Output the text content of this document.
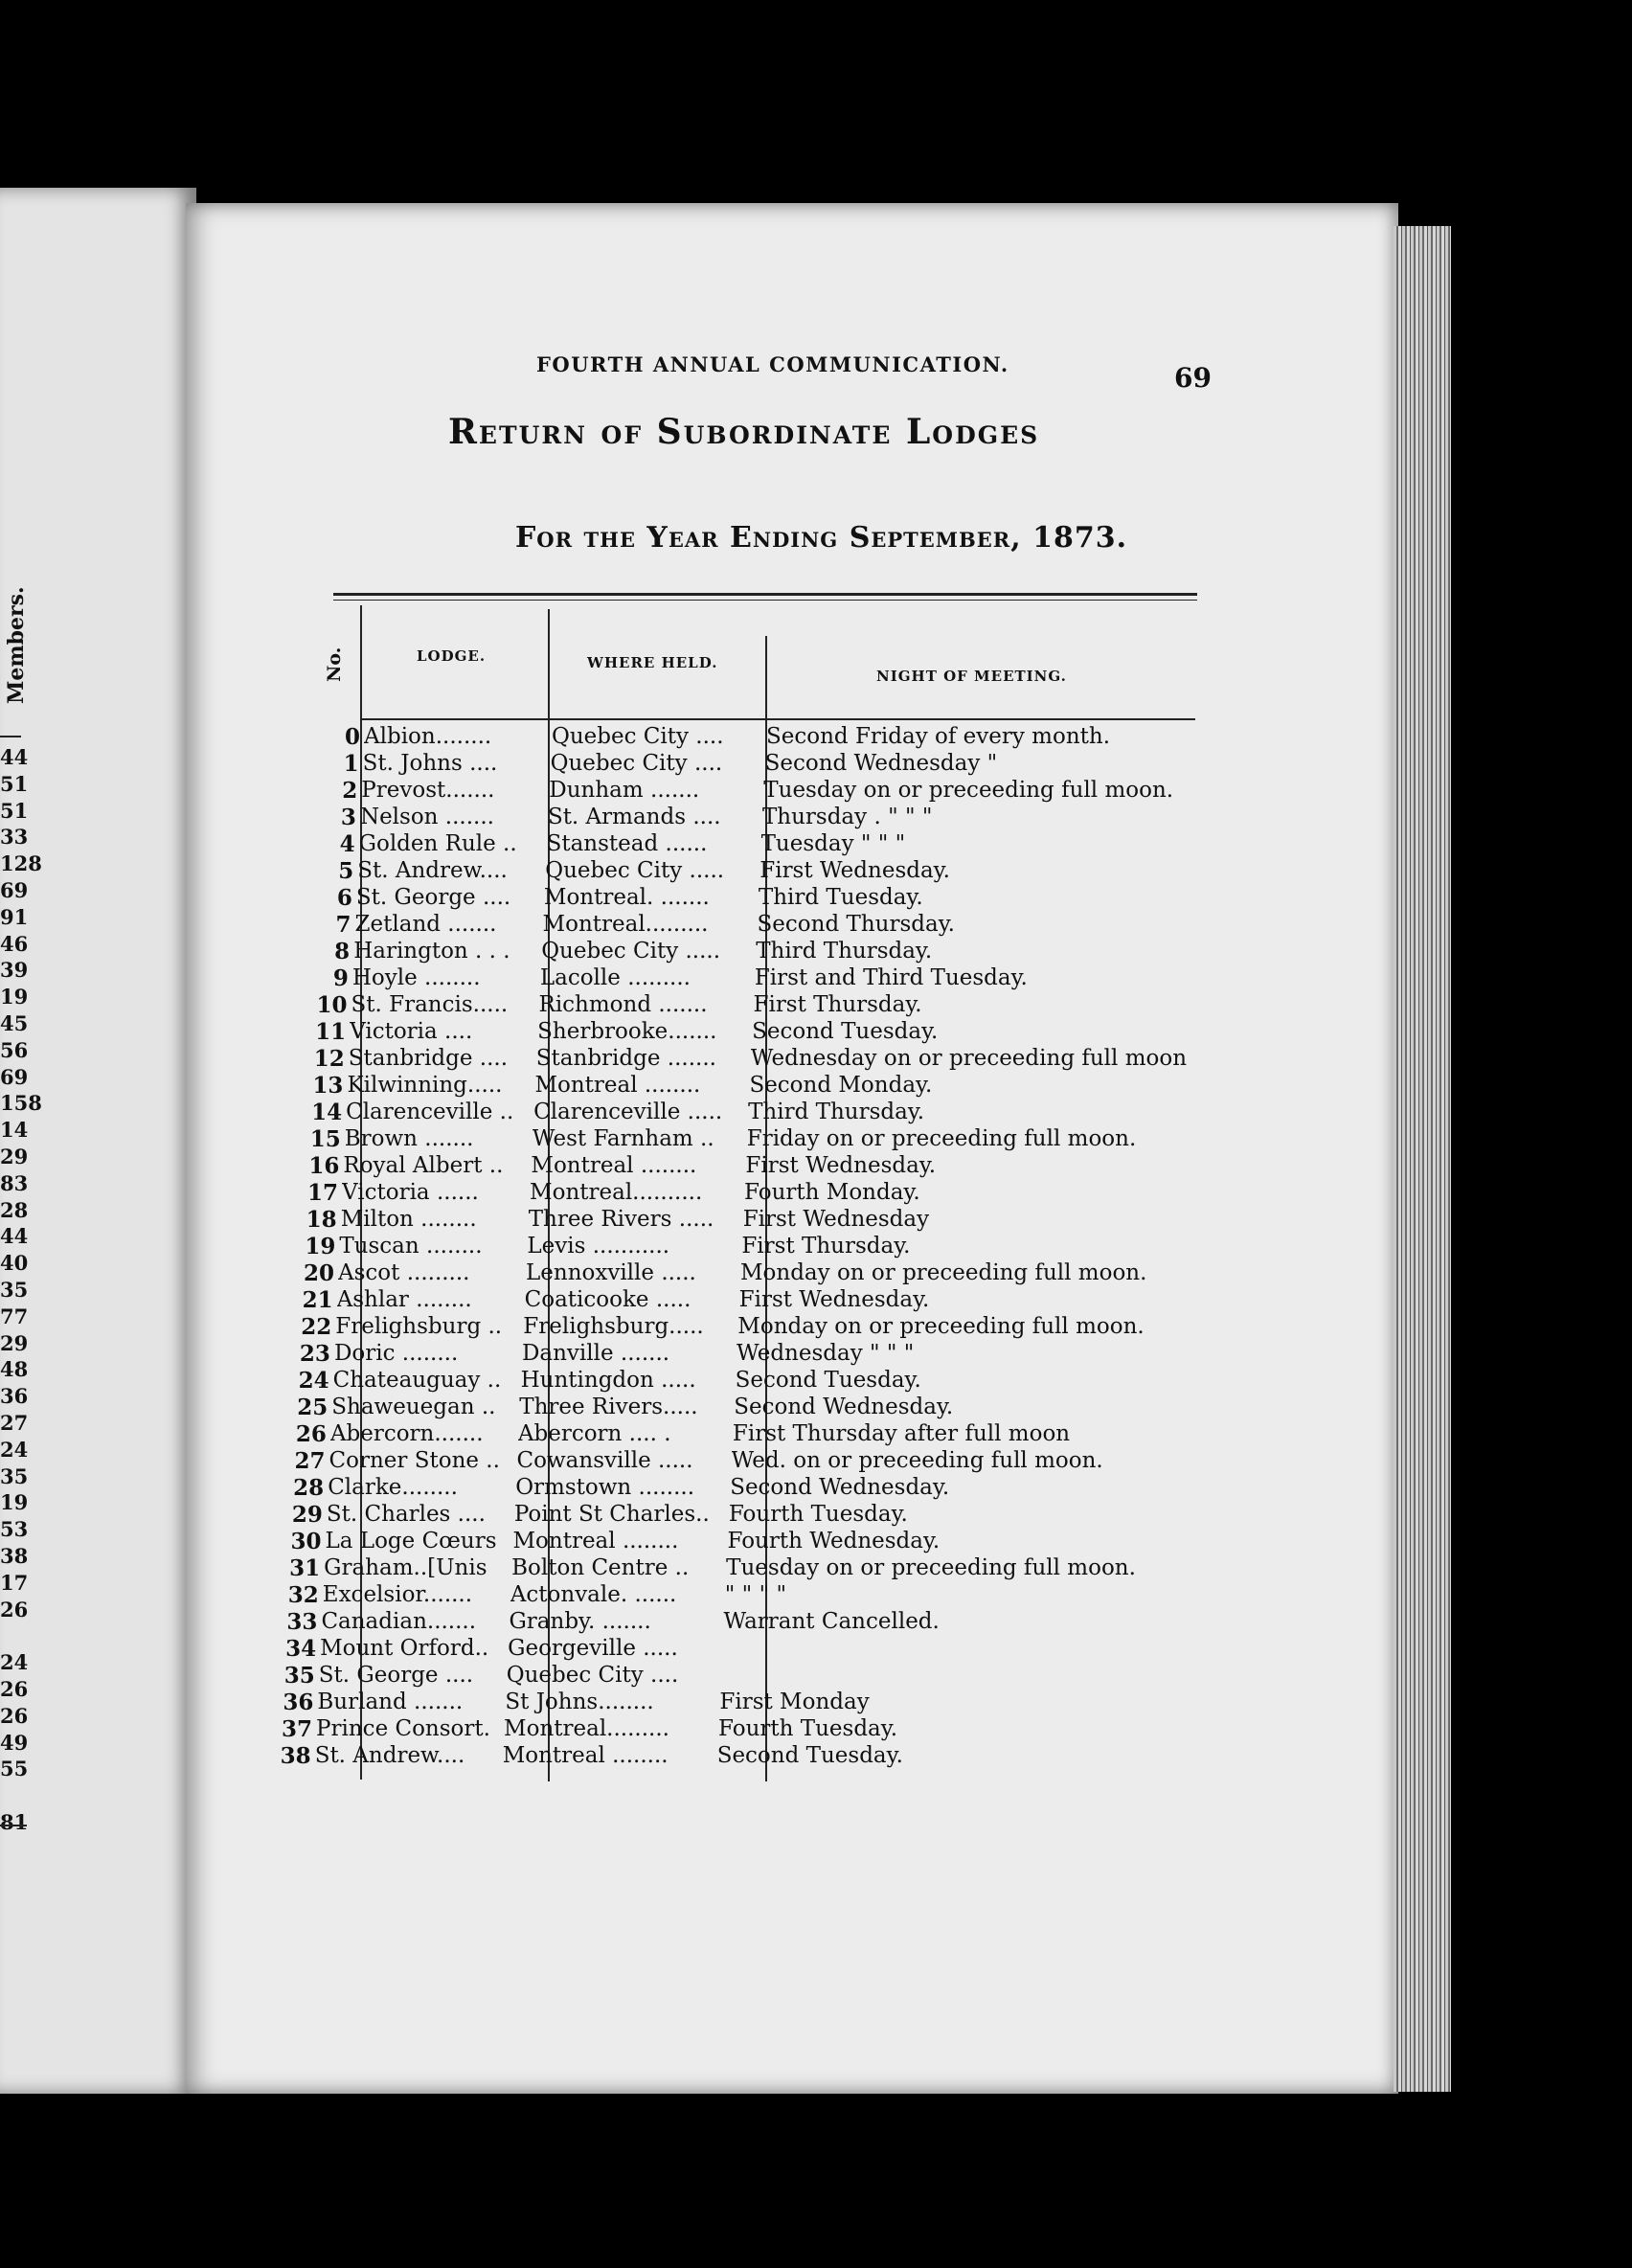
Members.
44
51
51
33
128
69
91
46
39
19
45
56
69
158
14
29
83
28
44
40
35
77
29
48
36
27
24
35
19
53
38
17
26
24
26
26
49
55
81
FOURTH ANNUAL COMMUNICATION.	69
Return of Subordinate Lodges
For the Year Ending September, 1873.
No.	LODGE.	WHERE HELD.
NIGHT OF MEETING.
0 Albion........	Quebec City ....	Second Friday of every month.
1 St. Johns ....	Quebec City ....	Second Wednesday "
2 Prevost.......	Dunham .......	Tuesday on or preceeding full moon.
3 Nelson .......	St. Armands ....	Thursday . " " "
4 Golden Rule ..	Stanstead ......	Tuesday " " "
5 St. Andrew....	Quebec City .....	First Wednesday.
6 St. George ....	Montreal. .......	Third Tuesday.
7 Zetland .......	Montreal.........	Second Thursday.
8 Harington . . .	Quebec City .....	Third Thursday.
9 Hoyle ........	Lacolle .........	First and Third Tuesday.
10 St. Francis.....	Richmond .......	First Thursday.
11 Victoria ....	Sherbrooke.......	Second Tuesday.
12 Stanbridge ....	Stanbridge .......	Wednesday on or preceeding full moon
13 Kilwinning.....	Montreal ........	Second Monday.
14 Clarenceville .. Clarenceville .....	Third Thursday.
15 Brown .......	West Farnham ..	Friday on or preceeding full moon.
16 Royal Albert ..	Montreal ........	First Wednesday.
17 Victoria ......	Montreal..........	Fourth Monday.
18 Milton ........	Three Rivers .....	First Wednesday
19 Tuscan ........	Levis ...........	First Thursday.
20 Ascot .........	Lennoxville .....	Monday on or preceeding full moon.
21 Ashlar ........	Coaticooke .....	First Wednesday.
22 Frelighsburg .. Frelighsburg.....	Monday on or preceeding full moon.
23 Doric ........	Danville .......	Wednesday " " "
24 Chateauguay .. Huntingdon .....	Second Tuesday.
25 Shaweuegan ..	Three Rivers.....	Second Wednesday.
26 Abercorn.......	Abercorn .... .	First Thursday after full moon
27 Corner Stone .. Cowansville .....	Wed. on or preceeding full moon.
28 Clarke........	Ormstown ........	Second Wednesday.
29 St. Charles ....	Point St Charles.. Fourth Tuesday.
30 La Loge Cœurs Montreal ........	Fourth Wednesday.
31 Graham..[Unis	Bolton Centre ..	Tuesday on or preceeding full moon.
32 Excelsior.......	Actonvale. ......	" " " "
33 Canadian.......	Granby. .......	Warrant Cancelled.
34 Mount Orford.. Georgeville .....
35 St. George ....	Quebec City ....
36 Burland .......	St Johns........	First Monday
37 Prince Consort. Montreal.........	Fourth Tuesday.
38 St. Andrew....	Montreal ........	Second Tuesday.
